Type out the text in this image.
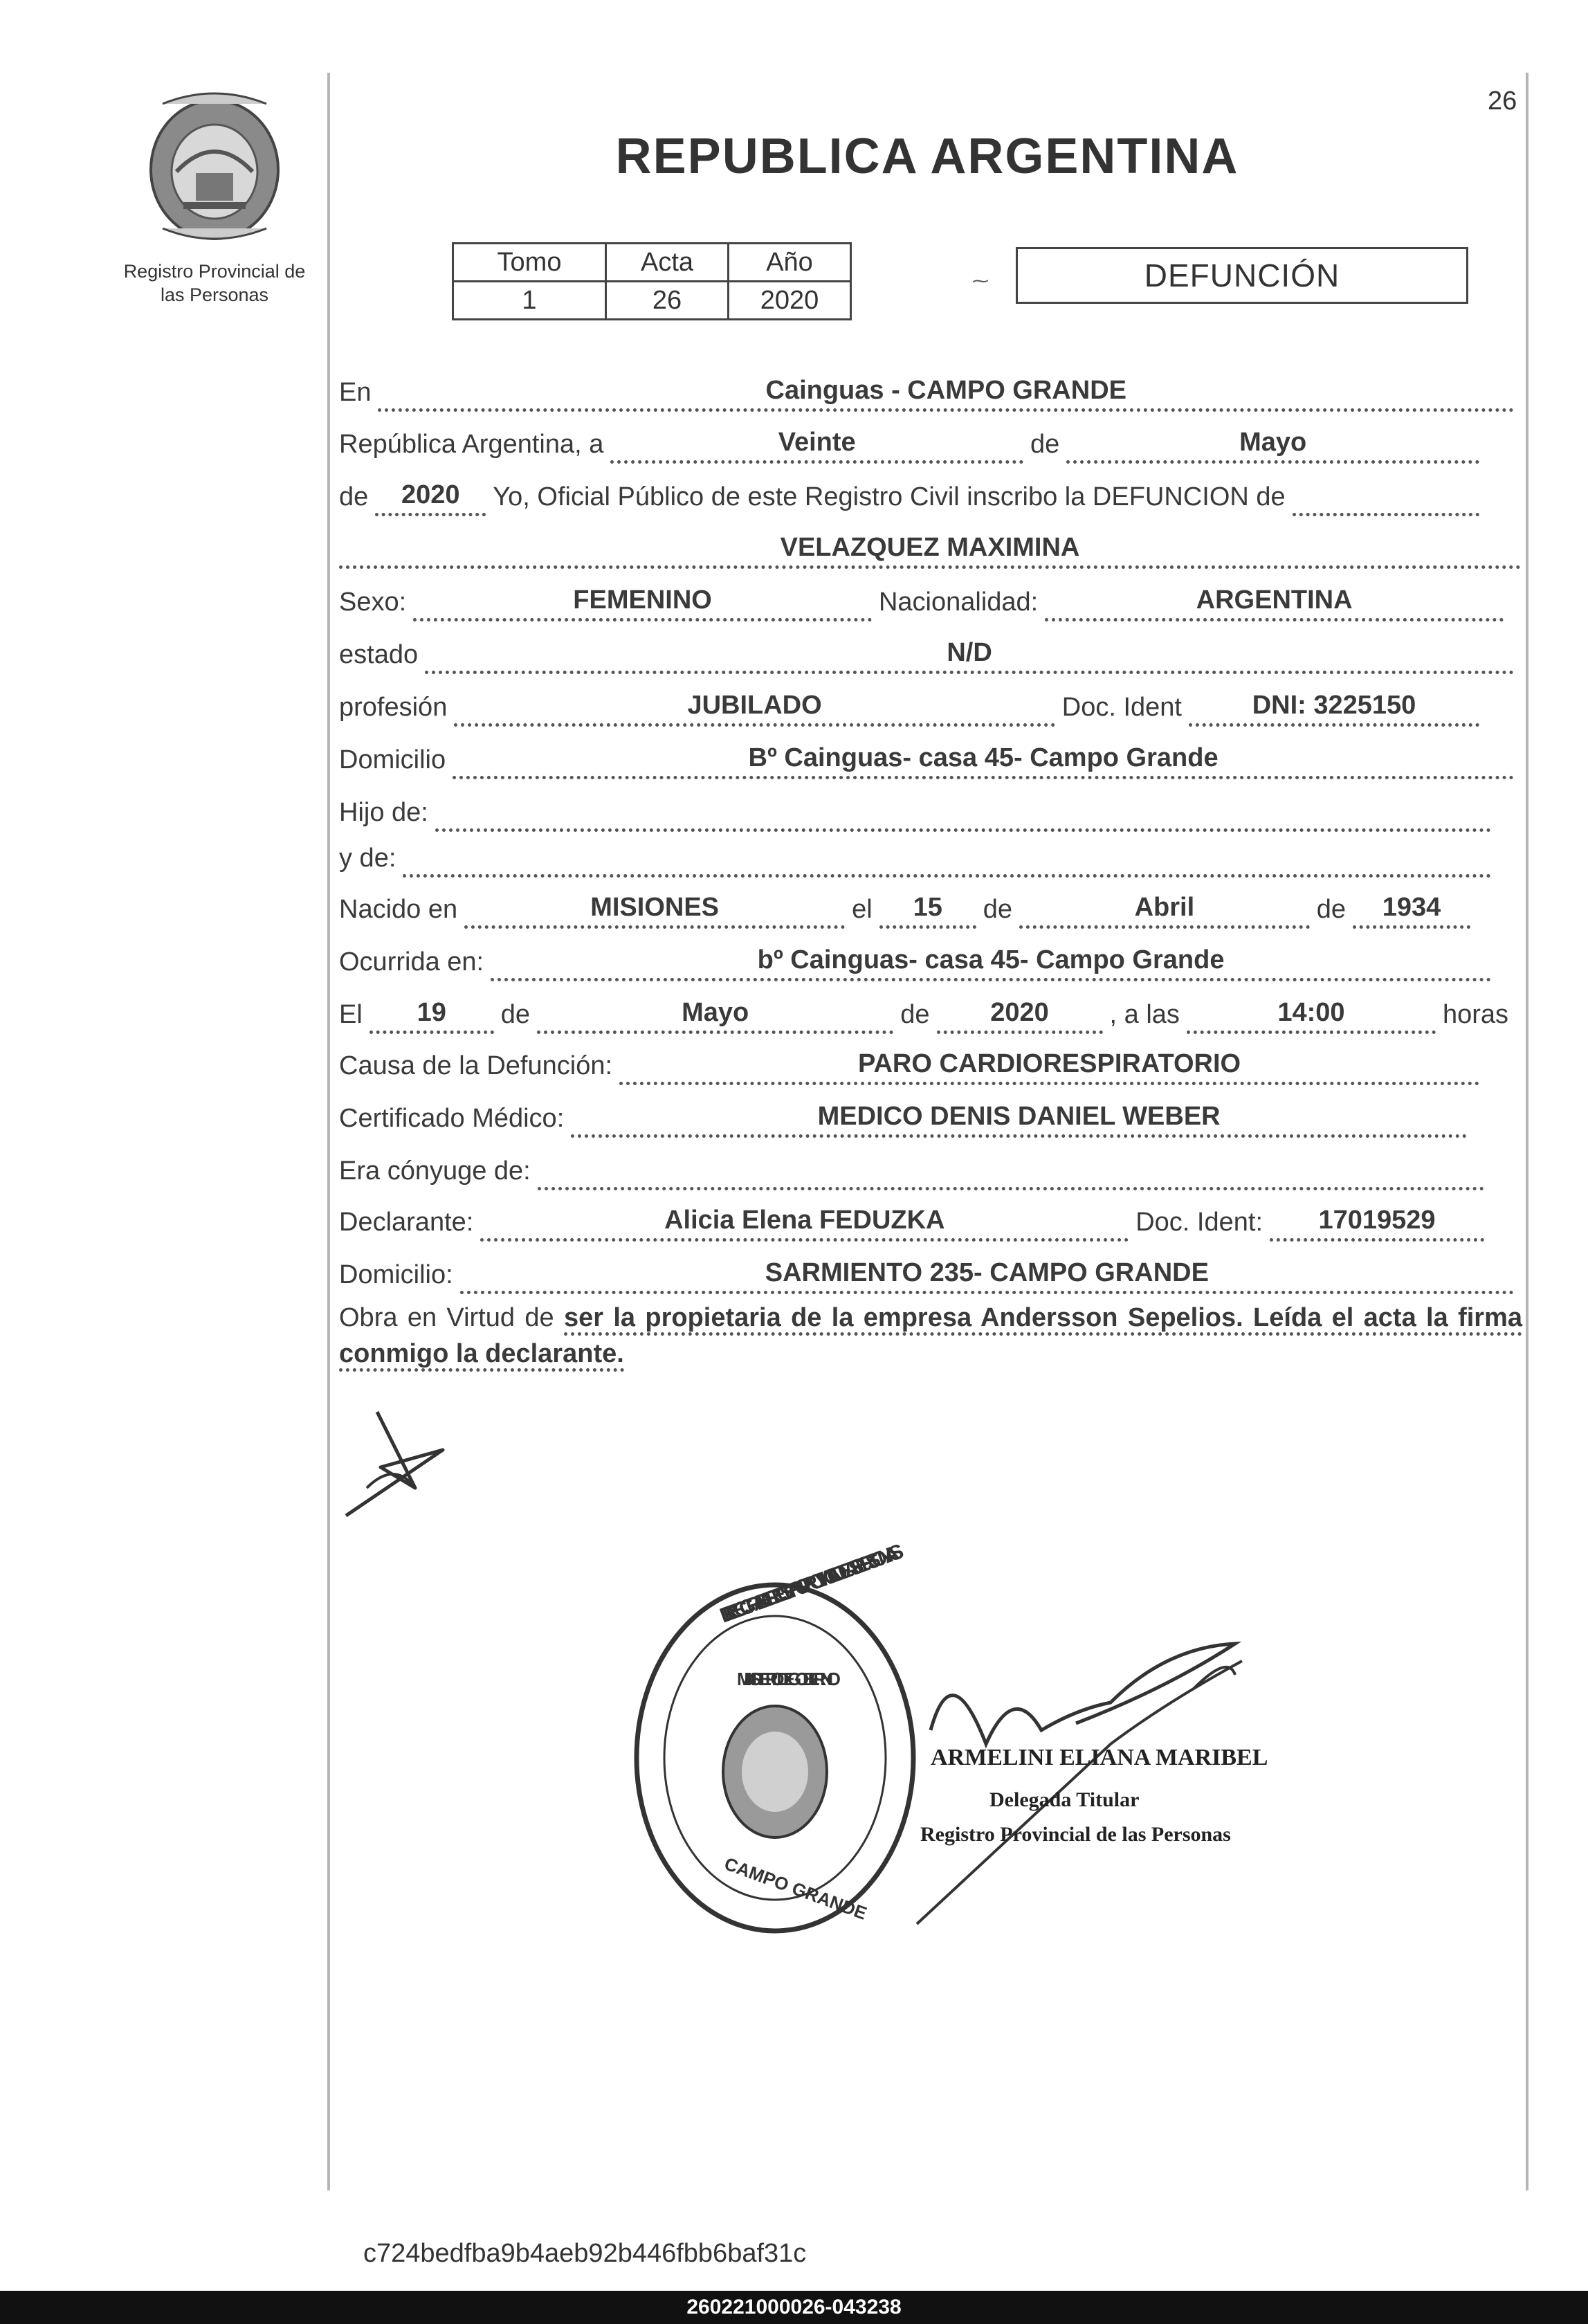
26
Registro Provincial de
las Personas
REPUBLICA ARGENTINA
Tomo	Acta	Año
1	26	2020
⁓	DEFUNCIÓN
En	Cainguas - CAMPO GRANDE
República Argentina, a	Veinte	de	Mayo
de	2020	Yo, Oficial Público de este Registro Civil inscribo la DEFUNCION de
VELAZQUEZ MAXIMINA
Sexo:	FEMENINO	Nacionalidad:	ARGENTINA
estado	N/D
profesión	JUBILADO	Doc. Ident	DNI: 3225150
Domicilio	Bº Cainguas- casa 45- Campo Grande
Hijo de:
y de:
Nacido en	MISIONES	el	15	de	Abril	de	1934
Ocurrida en:	bº Cainguas- casa 45- Campo Grande
El	19	de	Mayo	de	2020	, a las	14:00	horas
Causa de la Defunción:	PARO CARDIORESPIRATORIO
Certificado Médico:	MEDICO DENIS DANIEL WEBER
Era cónyuge de:
Declarante:	Alicia Elena FEDUZKA	Doc. Ident:	17019529
Domicilio:	SARMIENTO 235- CAMPO GRANDE
Obra en Virtud de ser la propietaria de la empresa Andersson Sepelios. Leída el acta la firma conmigo la declarante.
DIRECC. GRAL. DEL REGISTRO PROVINCIAL DE LAS PERSONAS
MINISTERIO DE GOBIERNO
CAMPO GRANDE
ARMELINI ELIANA MARIBEL
Delegada Titular
Registro Provincial de las Personas
c724bedfba9b4aeb92b446fbb6baf31c
260221000026-043238
